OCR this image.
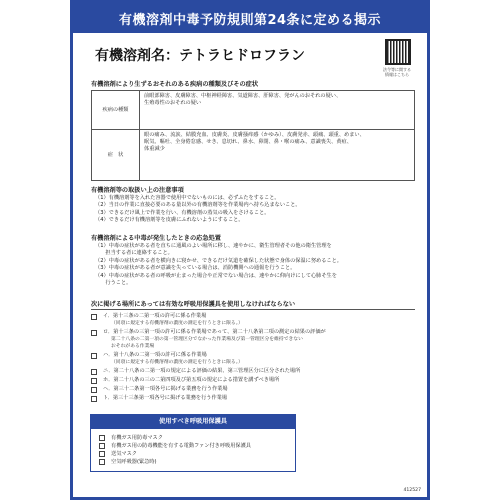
有機溶剤中毒予防規則第24条に定める掲示
有機溶剤名：テトラヒドロフラン
法令等に関する
情報はこちら
有機溶剤により生ずるおそれのある疾病の種類及びその症状
疾病の種類
前眼部障害、皮膚障害、中枢神経障害、気道障害、肝障害、発がんのおそれの疑い、
生殖毒性のおそれの疑い
症　状
眼の痛み、流涙、結膜充血、皮膚炎、皮膚掻痒感（かゆみ）、皮膚発赤、頭痛、頭重、めまい、
眠気、嘔吐、全身倦怠感、せき、息切れ、鼻水、鼻閉、鼻・喉の痛み、意識喪失、黄疸、
体重減少
有機溶剤等の取扱い上の注意事項
（1）有機溶剤等を入れた容器で使用中でないものには、必ずふたをすること。
（2）当日の作業に直接必要のある量以外の有機溶剤等を作業場内へ持ち込まないこと。
（3）できるだけ風上で作業を行い、有機溶剤の蒸気の吸入をさけること。
（4）できるだけ有機溶剤等を皮膚にふれないようにすること。
有機溶剤による中毒が発生したときの応急処置
（1）中毒の症状がある者を直ちに通風のよい場所に移し、速やかに、衛生管理者その他の衛生管理を
　　担当する者に連絡すること。
（2）中毒の症状がある者を横向きに寝かせ、できるだけ気道を確保した状態で身体の保温に努めること。
（3）中毒の症状がある者が意識を失っている場合は、消防機関への通報を行うこと。
（4）中毒の症状がある者の呼吸が止まった場合や正常でない場合は、速やかに仰向けにして心肺そ生を
　　行うこと。
次に掲げる場所にあっては有効な呼吸用保護具を使用しなければならない
イ．第十三条の二第一項の許可に係る作業場
（同項に規定する有機溶剤の濃度の測定を行うときに限る。）
ロ．第十三条の三第一項の許可に係る作業場であって、第二十八条第二項の測定の結果の評価が
第二十八条の二第一項の第一管理区分でなかった作業場及び第一管理区分を維持できない
おそれがある作業場
ハ．第十八条の二第一項の許可に係る作業場
（同項に規定する有機溶剤の濃度の測定を行うときに限る。）
ニ．第二十八条の二第一項の規定による評価の結果、第三管理区分に区分された場所
ホ．第二十八条の三の二第四項及び第五項の規定による措置を講ずべき場所
ヘ．第三十二条第一項各号に掲げる業務を行う作業場
ト．第三十三条第一項各号に掲げる業務を行う作業場
412527
使用すべき呼吸用保護具
有機ガス用防毒マスク
有機ガス用の防毒機能を有する電動ファン付き呼吸用保護具
送気マスク
空気呼吸器(緊急時)
